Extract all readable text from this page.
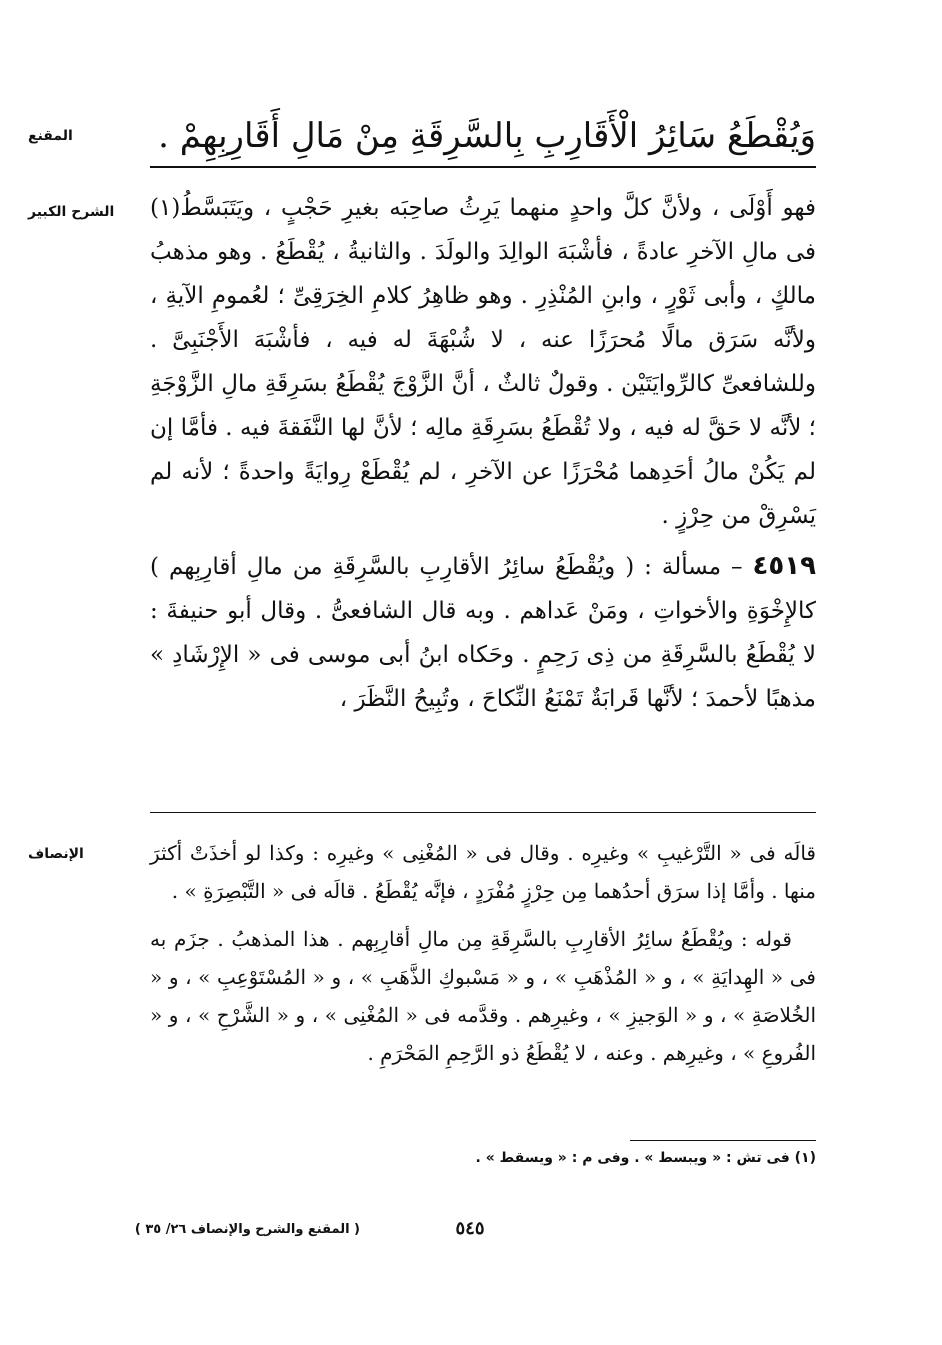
المقنع	وَيُقْطَعُ سَائِرُ الْأَقَارِبِ بِالسَّرِقَةِ مِنْ مَالِ أَقَارِبِهِمْ .
الشرح الكبير فهو أَوْلَى ، ولأنَّ كلَّ واحدٍ منهما يَرِثُ صاحِبَه بغيرِ حَجْبٍ ، ويَتَبَسَّطُ(١) فى مالِ الآخرِ عادةً ، فأشْبَهَ الوالِدَ والولَدَ . والثانيةُ ، يُقْطَعُ . وهو مذهبُ مالكٍ ، وأبى ثَوْرٍ ، وابنِ المُنْذِرِ . وهو ظاهِرُ كلامِ الخِرَقِىِّ ؛ لعُمومِ الآيةِ ، ولأنَّه سَرَق مالًا مُحرَزًا عنه ، لا شُبْهَةَ له فيه ، فأشْبَهَ الأَجْنَبِىَّ . وللشافعىِّ كالرِّوايَتَيْن . وقولٌ ثالثٌ ، أنَّ الزَّوْجَ يُقْطَعُ بسَرِقَةِ مالِ الزَّوْجَةِ ؛ لأنَّه لا حَقَّ له فيه ، ولا تُقْطَعُ بسَرِقَةِ مالِه ؛ لأنَّ لها النَّفَقةَ فيه . فأمَّا إن لم يَكُنْ مالُ أحَدِهما مُحْرَزًا عن الآخرِ ، لم يُقْطَعْ رِوايَةً واحدةً ؛ لأنه لم يَسْرِقْ من حِرْزٍ .

٤٥١٩ – مسألة : ( ويُقْطَعُ سائِرُ الأقارِبِ بالسَّرِقَةِ من مالِ أقارِبِهم ) كالإِخْوَةِ والأخواتِ ، ومَنْ عَداهم . وبه قال الشافعىُّ . وقال أبو حنيفةَ : لا يُقْطَعُ بالسَّرِقَةِ من ذِى رَحِمٍ . وحَكاه ابنُ أبى موسى فى « الإِرْشَادِ » مذهبًا لأحمدَ ؛ لأنَّها قَرابَةٌ تَمْنَعُ النِّكاحَ ، وتُبِيحُ النَّظَرَ ،

الإنصاف	قالَه فى « التَّرْغيبِ » وغيرِه . وقال فى « المُغْنِى » وغيرِه : وكذا لو أخذَتْ أكثرَ منها . وأمَّا إذا سرَق أحدُهما مِن حِرْزٍ مُفْرَدٍ ، فإنَّه يُقْطَعُ . قالَه فى « التَّبْصِرَةِ » .

قوله : ويُقْطَعُ سائِرُ الأقارِبِ بالسَّرِقَةِ مِن مالِ أقارِبِهم . هذا المذهبُ . جزَم به فى « الهِدايَةِ » ، و « المُذْهَبِ » ، و « مَسْبوكِ الذَّهَبِ » ، و « المُسْتَوْعِبِ » ، و « الخُلاصَةِ » ، و « الوَجيزِ » ، وغيرِهم . وقدَّمه فى « المُغْنِى » ، و « الشَّرْحِ » ، و « الفُروعِ » ، وغيرِهم . وعنه ، لا يُقْطَعُ ذو الرَّحِمِ المَحْرَمِ .

(١) فى تش : « ويبسط » . وفى م : « ويسقط » .
٥٤٥
( المقنع والشرح والإنصاف ٢٦/ ٣٥ )
